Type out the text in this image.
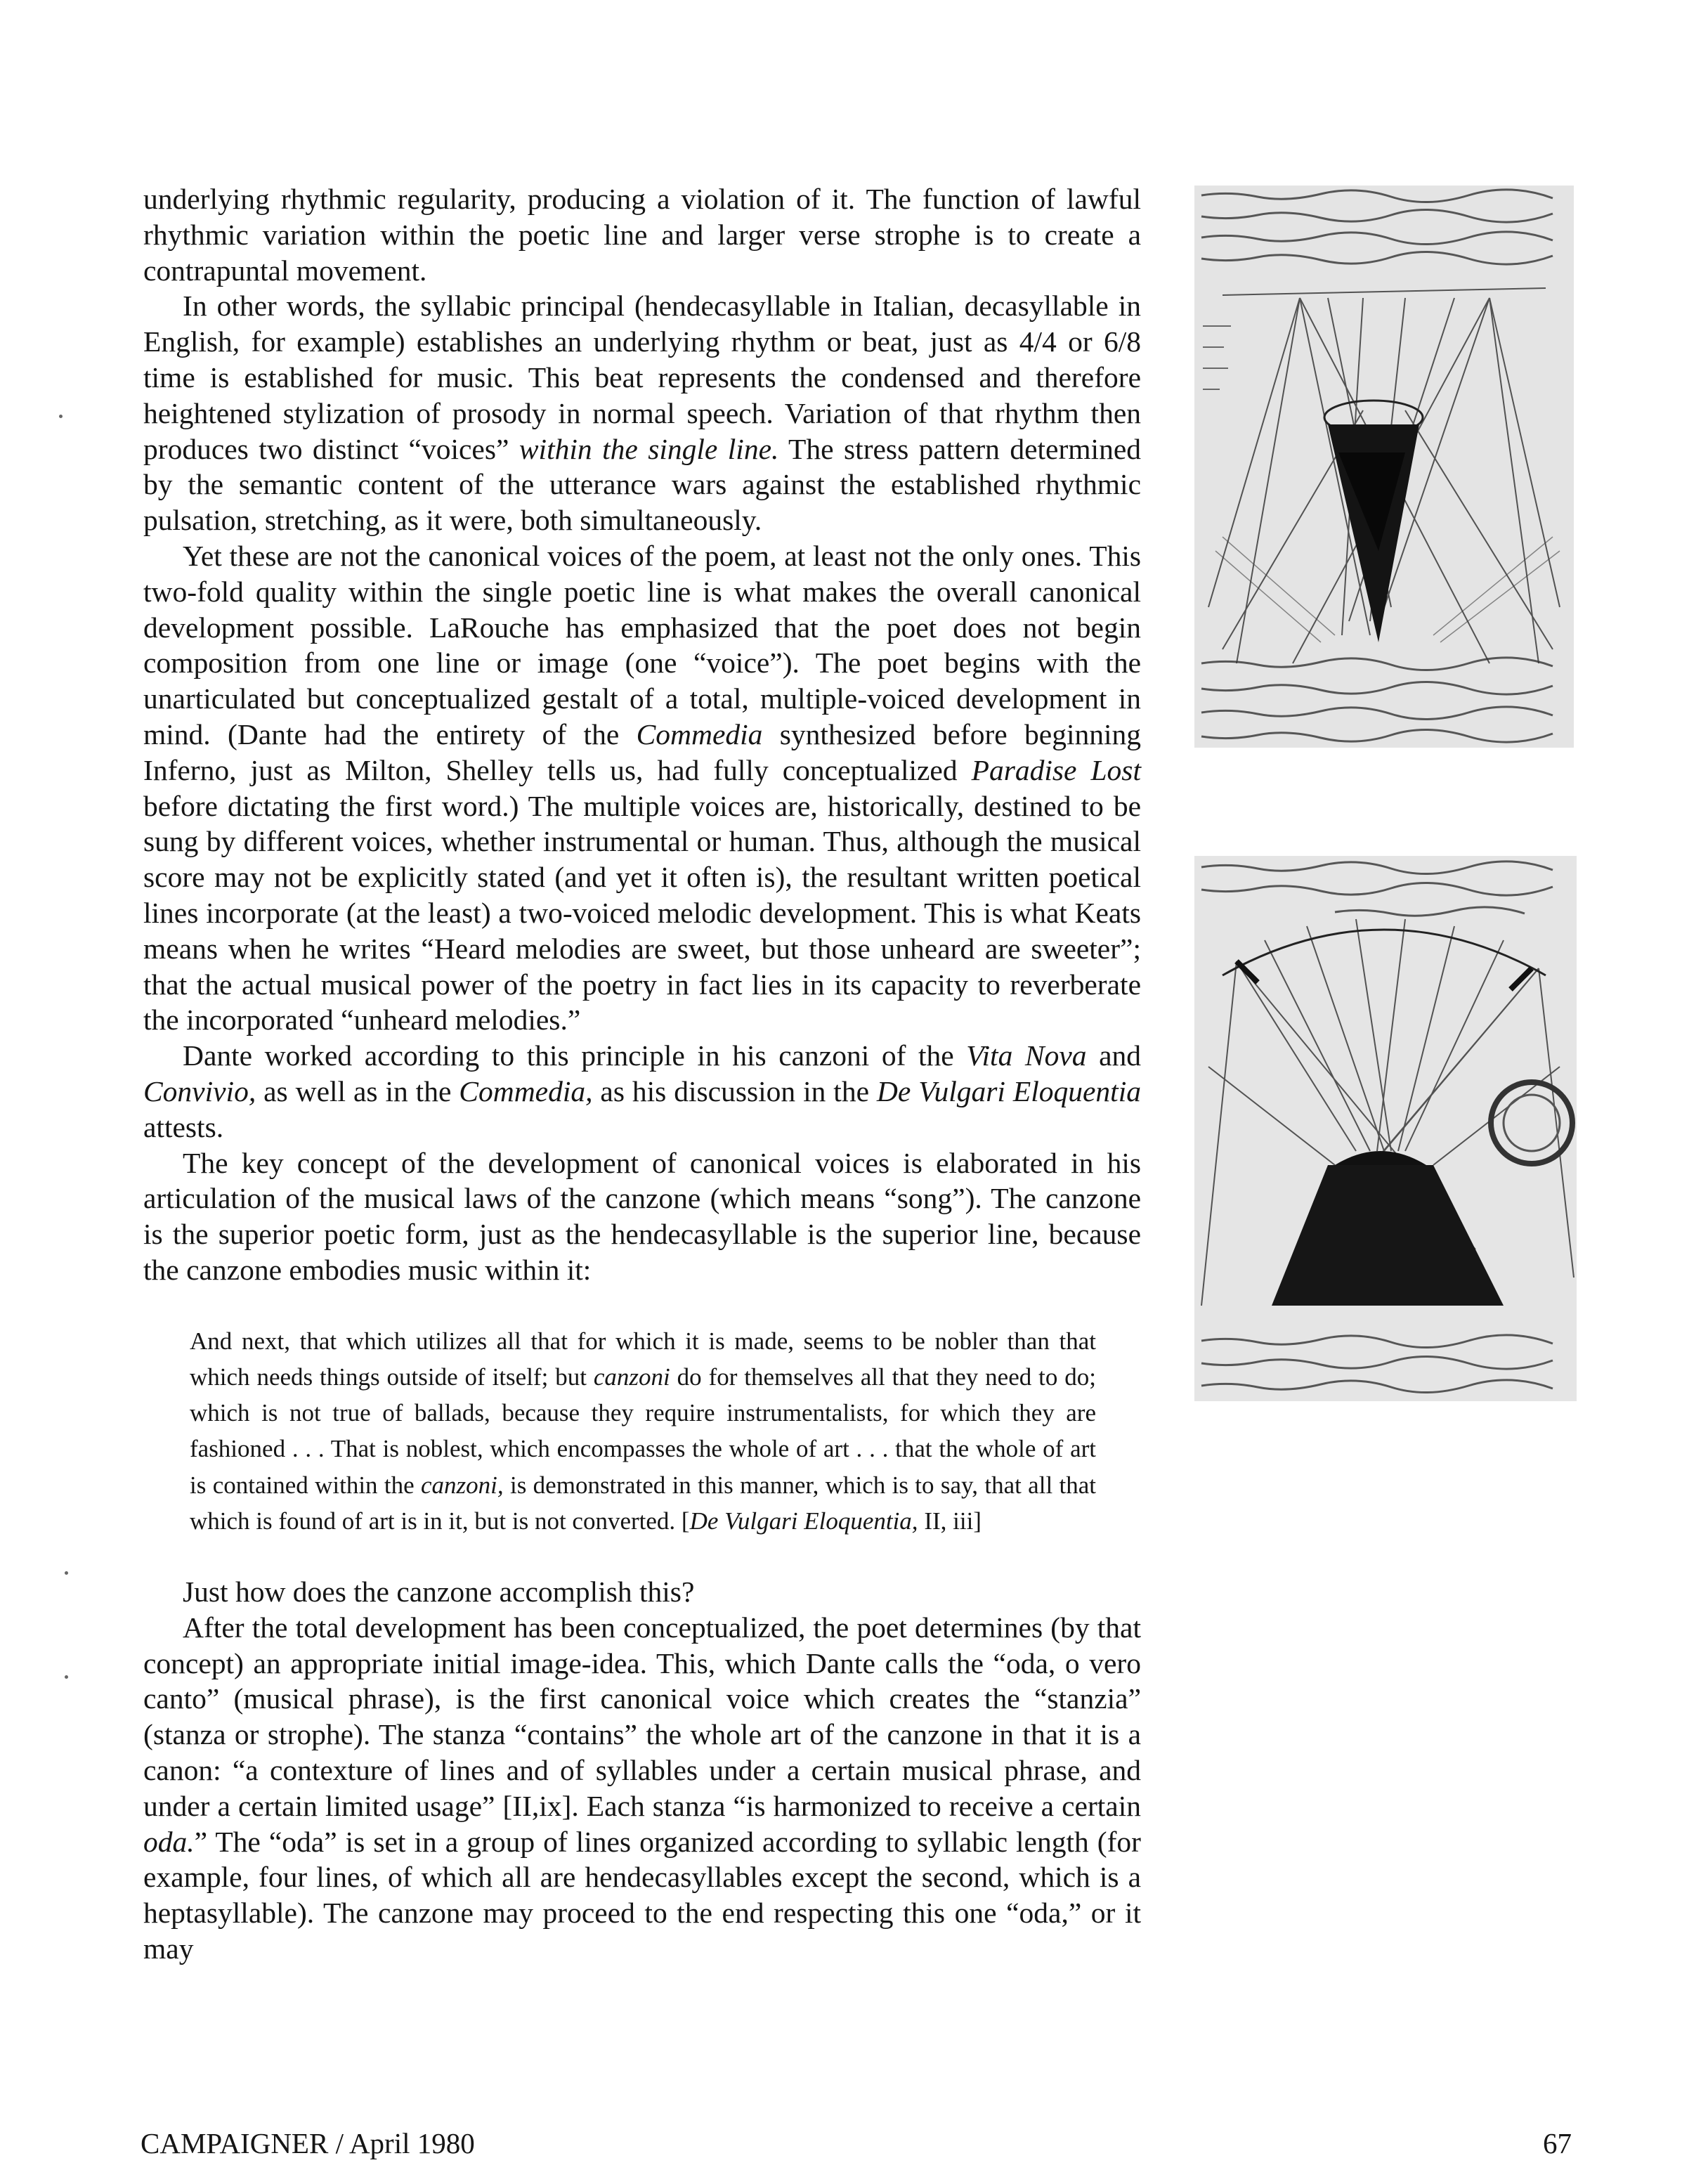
underlying rhythmic regularity, producing a violation of it. The function of lawful rhythmic variation within the poetic line and larger verse strophe is to create a contrapuntal movement.

In other words, the syllabic principal (hendecasyllable in Italian, decasyllable in English, for example) establishes an underlying rhythm or beat, just as 4/4 or 6/8 time is established for music. This beat represents the condensed and therefore heightened stylization of prosody in normal speech. Variation of that rhythm then produces two distinct “voices” within the single line. The stress pattern determined by the semantic content of the utterance wars against the established rhythmic pulsation, stretching, as it were, both simultaneously.

Yet these are not the canonical voices of the poem, at least not the only ones. This two-fold quality within the single poetic line is what makes the overall canonical development possible. LaRouche has emphasized that the poet does not begin composition from one line or image (one “voice”). The poet begins with the unarticulated but conceptualized gestalt of a total, multiple-voiced development in mind. (Dante had the entirety of the Commedia synthesized before beginning Inferno, just as Milton, Shelley tells us, had fully conceptualized Paradise Lost before dictating the first word.) The multiple voices are, historically, destined to be sung by different voices, whether instrumental or human. Thus, although the musical score may not be explicitly stated (and yet it often is), the resultant written poetical lines incorporate (at the least) a two-voiced melodic development. This is what Keats means when he writes “Heard melodies are sweet, but those unheard are sweeter”; that the actual musical power of the poetry in fact lies in its capacity to reverberate the incorporated “unheard melodies.”

Dante worked according to this principle in his canzoni of the Vita Nova and Convivio, as well as in the Commedia, as his discussion in the De Vulgari Eloquentia attests.

The key concept of the development of canonical voices is elaborated in his articulation of the musical laws of the canzone (which means “song”). The canzone is the superior poetic form, just as the hendecasyllable is the superior line, because the canzone embodies music within it:

And next, that which utilizes all that for which it is made, seems to be nobler than that which needs things outside of itself; but canzoni do for themselves all that they need to do; which is not true of ballads, because they require instrumentalists, for which they are fashioned . . . That is noblest, which encompasses the whole of art . . . that the whole of art is contained within the canzoni, is demonstrated in this manner, which is to say, that all that which is found of art is in it, but is not converted. [De Vulgari Eloquentia, II, iii]

Just how does the canzone accomplish this?

After the total development has been conceptualized, the poet determines (by that concept) an appropriate initial image-idea. This, which Dante calls the “oda, o vero canto” (musical phrase), is the first canonical voice which creates the “stanzia” (stanza or strophe). The stanza “contains” the whole art of the canzone in that it is a canon: “a contexture of lines and of syllables under a certain musical phrase, and under a certain limited usage” [II,ix]. Each stanza “is harmonized to receive a certain oda.” The “oda” is set in a group of lines organized according to syllabic length (for example, four lines, of which all are hendecasyllables except the second, which is a heptasyllable). The canzone may proceed to the end respecting this one “oda,” or it may

CAMPAIGNER / April 1980	67
